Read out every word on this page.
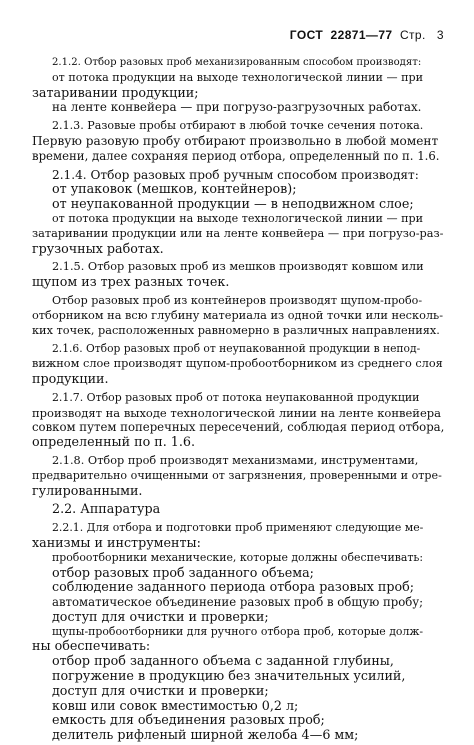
ГОСТ 22871—77 Стр. 3
2.1.2. Отбор разовых проб механизированным способом производят:
от потока продукции на выходе технологической линии — при
затаривании продукции;
на ленте конвейера — при погрузо-разгрузочных работах.
2.1.3. Разовые пробы отбирают в любой точке сечения потока.
Первую разовую пробу отбирают произвольно в любой момент
времени, далее сохраняя период отбора, определенный по п. 1.6.
2.1.4. Отбор разовых проб ручным способом производят:
от упаковок (мешков, контейнеров);
от неупакованной продукции — в неподвижном слое;
от потока продукции на выходе технологической линии — при
затаривании продукции или на ленте конвейера — при погрузо-раз-
грузочных работах.
2.1.5. Отбор разовых проб из мешков производят ковшом или
щупом из трех разных точек.
Отбор разовых проб из контейнеров производят щупом-пробо-
отборником на всю глубину материала из одной точки или несколь-
ких точек, расположенных равномерно в различных направлениях.
2.1.6. Отбор разовых проб от неупакованной продукции в непод-
вижном слое производят щупом-пробоотборником из среднего слоя
продукции.
2.1.7. Отбор разовых проб от потока неупакованной продукции
производят на выходе технологической линии на ленте конвейера
совком путем поперечных пересечений, соблюдая период отбора,
определенный по п. 1.6.
2.1.8. Отбор проб производят механизмами, инструментами,
предварительно очищенными от загрязнения, проверенными и отре-
гулированными.
2.2. Аппаратура
2.2.1. Для отбора и подготовки проб применяют следующие ме-
ханизмы и инструменты:
пробоотборники механические, которые должны обеспечивать:
отбор разовых проб заданного объема;
соблюдение заданного периода отбора разовых проб;
автоматическое объединение разовых проб в общую пробу;
доступ для очистки и проверки;
щупы-пробоотборники для ручного отбора проб, которые долж-
ны обеспечивать:
отбор проб заданного объема с заданной глубины,
погружение в продукцию без значительных усилий,
доступ для очистки и проверки;
ковш или совок вместимостью 0,2 л;
емкость для объединения разовых проб;
делитель рифленый ширной желоба 4—6 мм;
